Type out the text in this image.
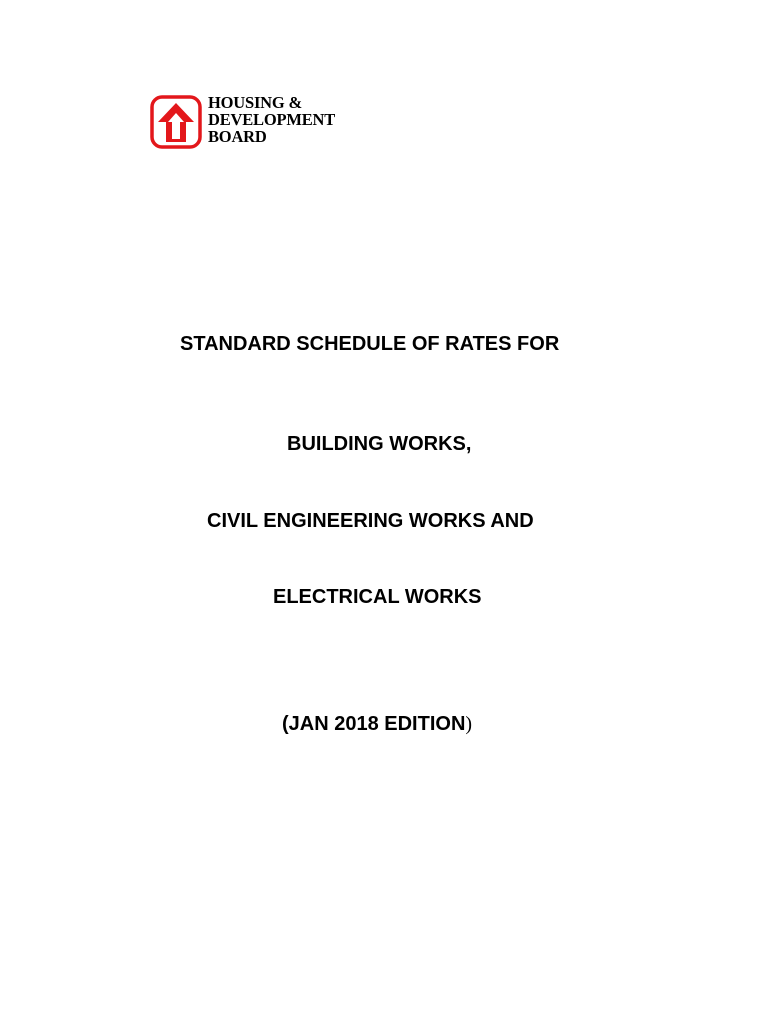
HOUSING &
DEVELOPMENT
BOARD
STANDARD SCHEDULE OF RATES FOR
BUILDING WORKS,
CIVIL ENGINEERING WORKS AND
ELECTRICAL WORKS
(JAN 2018 EDITION)
